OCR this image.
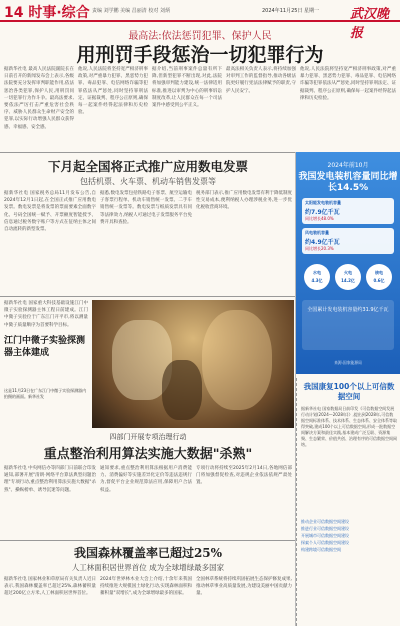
14 时事·综合 责编 刘学鹏 美编 昌丽清 校对 刘炳	2024年11月25日 星期一 武汉晚报
最高法:依法惩罚犯罪、保护人民
用刑罚手段惩治一切犯罪行为
据新华社电 最高人民法院副院长在日前召开的新闻发布会上表示,各级法院要充分发挥审判职能作用,依法惩治各类犯罪,保护人民,用刑罚同一切犯罪行为作斗争。最高法要求,要依法严厉打击严重危害社会秩序、威胁人民群众生命财产安全的犯罪,以实际行动增强人民群众获得感、幸福感、安全感。
他说,人民法院将坚持宽严相济刑事政策,对严重暴力犯罪、黑恶势力犯罪、毒品犯罪、电信网络诈骗等犯罪依法从严惩处,同时坚持罪刑法定、证据裁判、程序公正原则,确保每一起案件经得起法律和历史检验。
据介绍,当前刑事案件总量有所下降,但新型犯罪不断出现,对此,法院将加强审判能力建设,统一法律适用标准,推进以审判为中心的刑事诉讼制度改革,让人民群众在每一个司法案件中感受到公平正义。
最高法相关负责人表示,将持续加强对审判工作的监督指导,推动各级法院更好履行宪法法律赋予的职责,守护人民安宁。
他说,人民法院将坚持宽严相济刑事政策,对严重暴力犯罪、黑恶势力犯罪、毒品犯罪、电信网络诈骗等犯罪依法从严惩处,同时坚持罪刑法定、证据裁判、程序公正原则,确保每一起案件经得起法律和历史检验。
下月起全国将正式推广应用数电发票
包括机票、火车票、机动车销售发票等
据新华社电 国家税务总局11月发布公告,自2024年12月1日起,在全国正式推广应用数电发票。数电发票是将发票的票面要素全面数字化、号码全国统一赋予、开票额度智能授予、信息通过税务数字账户等方式在征纳主体之间自动流转的新型发票。
据悉,数电发票包括铁路电子客票、航空运输电子客票行程单、机动车销售统一发票、二手车销售统一发票等。数电发票与纸质发票具有同等法律效力,纳税人可通过电子发票服务平台免费开具和查验。
税务部门表示,推广应用数电发票有利于降低制度性交易成本,便利纳税人办理涉税业务,进一步优化税收营商环境。
江门中微子实验探测器主体建成
据新华社电 国家重大科技基础设施江门中微子实验探测器主体工程日前建成。江门中微子实验位于广东江门开平市,将以测量中微子质量顺序为首要科学目标。
这是11月23日在广东江门中微子实验探测器内拍摄的画面。新华社发
四部门开展专项治理行动
重点整治利用算法实施大数据"杀熟"
据新华社电 中央网信办等四部门日前联合印发通知,部署开展"清朗·网络平台算法典型问题治理"专项行动,重点整治利用算法实施大数据"杀熟"、操纵榜单、诱导沉迷等问题。
通知要求,重点整治利用算法根据用户消费能力、消费偏好等实施差异化定价等违法违规行为,督促平台企业规范算法应用,保障用户合法权益。
专项行动将持续至2025年2月14日,各地网信部门将加强督促检查,对违规企业依法依规严肃处置。
我国森林覆盖率已超过25%
人工林面积居世界首位 成为全球增绿最多国家
据新华社电 国家林业和草原局有关负责人近日表示,我国森林覆盖率已超过25%,森林蓄积量超过200亿立方米,人工林面积居世界首位。
2024年世界林木业大会上介绍,十余年来我国持续推进大规模国土绿化行动,实现森林面积和蓄积量"双增长",成为全球增绿最多的国家。
全国林草系统将持续巩固拓展生态保护修复成果,推动林草事业高质量发展,为建设美丽中国贡献力量。
2024年前10月
我国发电装机容量同比增长14.5%
太阳能发电装机容量
约7.9亿千瓦
同比增长48.0%
风电装机容量
约4.9亿千瓦
同比增长20.3%
水电
4.3亿
火电
14.2亿
核电
0.6亿
全国累计发电装机容量约31.9亿千瓦
来源:国家能源局
我国康复100个以上可信数据空间
据新华社电 国家数据局日前印发《可信数据空间发展行动计划(2024—2028年)》,提出到2028年,可信数据空间标准体系、技术体系、生态体系、安全体系等取得突破,建成100个以上可信数据空间,形成一批数据空间解决方案和最佳实践,基本建成广泛互联、资源集聚、生态繁荣、价值共创、治理有序的可信数据空间网络。
推动企业可信数据空间建设
推进行业可信数据空间建设
开展城市可信数据空间建设
探索个人可信数据空间建设
构建跨境可信数据空间
